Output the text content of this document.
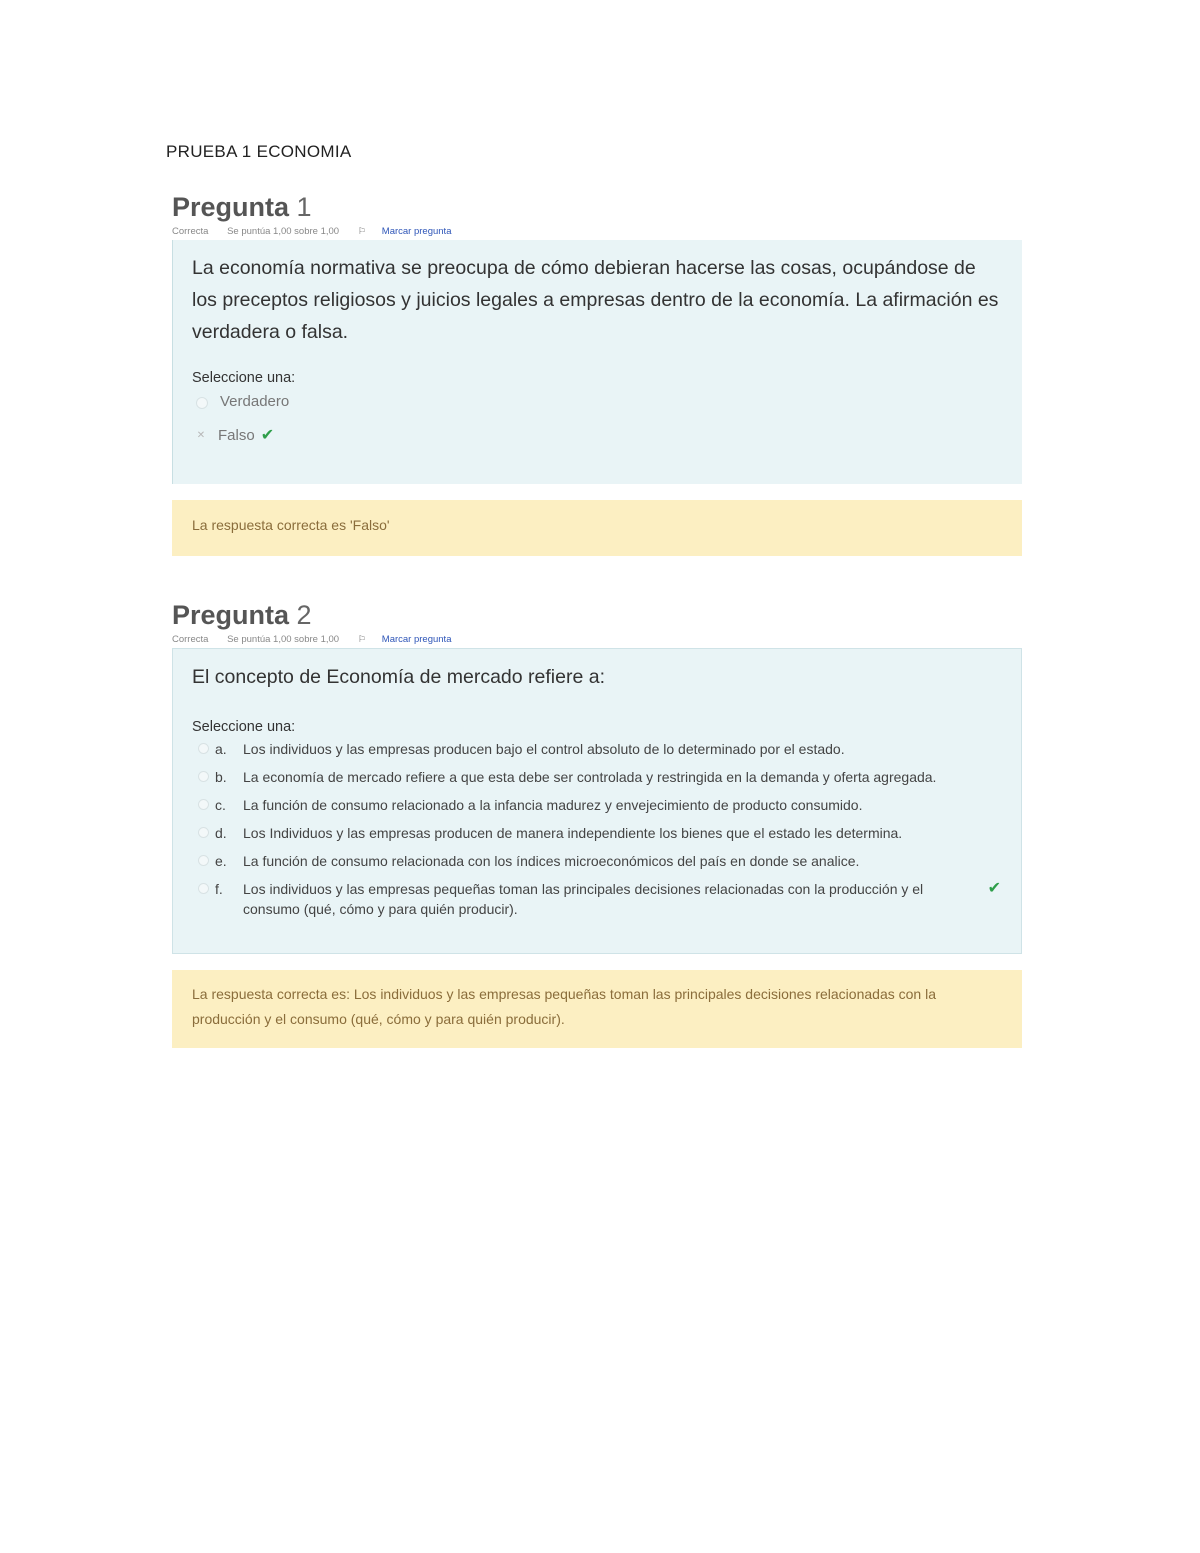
PRUEBA 1 ECONOMIA
Pregunta 1
Correcta Se puntúa 1,00 sobre 1,00 ⚐ Marcar pregunta

La economía normativa se preocupa de cómo debieran hacerse las cosas, ocupándose de los preceptos religiosos y juicios legales a empresas dentro de la economía. La afirmación es verdadera o falsa.

Seleccione una:
Verdadero
✕ Falso ✔
La respuesta correcta es 'Falso'
Pregunta 2
Correcta Se puntúa 1,00 sobre 1,00 ⚐ Marcar pregunta

El concepto de Economía de mercado refiere a:

Seleccione una:
a.	Los individuos y las empresas producen bajo el control absoluto de lo determinado por el estado.
b.	La economía de mercado refiere a que esta debe ser controlada y restringida en la demanda y oferta agregada.
c.	La función de consumo relacionado a la infancia madurez y envejecimiento de producto consumido.
d.	Los Individuos y las empresas producen de manera independiente los bienes que el estado les determina.
e.	La función de consumo relacionada con los índices microeconómicos del país en donde se analice.
f.	Los individuos y las empresas pequeñas toman las principales decisiones relacionadas con la producción y el consumo (qué, cómo y para quién producir).
✔
La respuesta correcta es: Los individuos y las empresas pequeñas toman las principales decisiones relacionadas con la producción y el consumo (qué, cómo y para quién producir).
